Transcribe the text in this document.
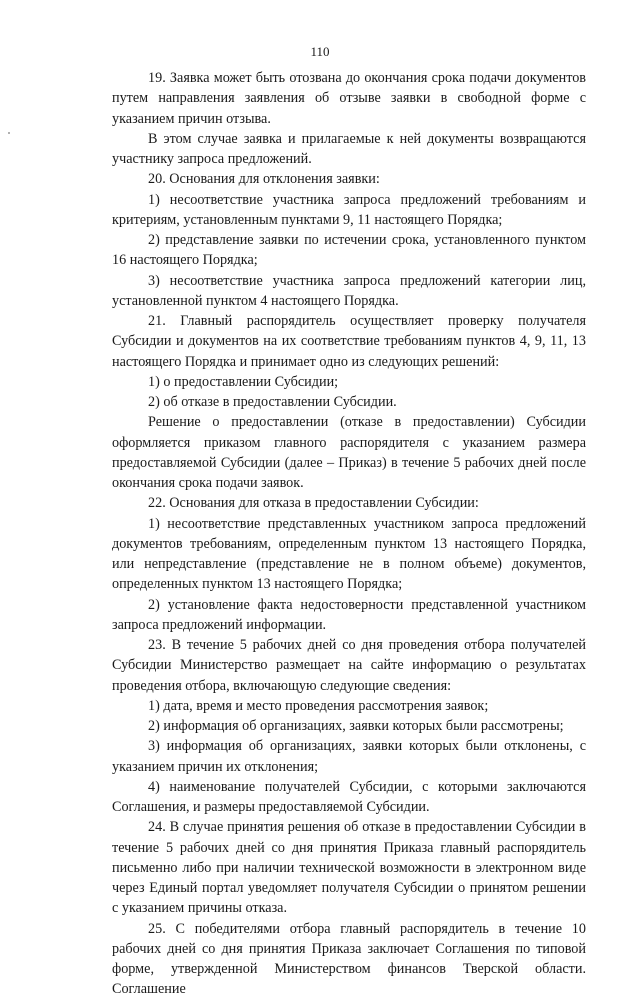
110

19. Заявка может быть отозвана до окончания срока подачи документов путем направления заявления об отзыве заявки в свободной форме с указанием причин отзыва.

В этом случае заявка и прилагаемые к ней документы возвращаются участнику запроса предложений.

20. Основания для отклонения заявки:

1) несоответствие участника запроса предложений требованиям и критериям, установленным пунктами 9, 11 настоящего Порядка;

2) представление заявки по истечении срока, установленного пунктом 16 настоящего Порядка;

3) несоответствие участника запроса предложений категории лиц, установленной пунктом 4 настоящего Порядка.

21. Главный распорядитель осуществляет проверку получателя Субсидии и документов на их соответствие требованиям пунктов 4, 9, 11, 13 настоящего Порядка и принимает одно из следующих решений:

1) о предоставлении Субсидии;

2) об отказе в предоставлении Субсидии.

Решение о предоставлении (отказе в предоставлении) Субсидии оформляется приказом главного распорядителя с указанием размера предоставляемой Субсидии (далее – Приказ) в течение 5 рабочих дней после окончания срока подачи заявок.

22. Основания для отказа в предоставлении Субсидии:

1) несоответствие представленных участником запроса предложений документов требованиям, определенным пунктом 13 настоящего Порядка, или непредставление (представление не в полном объеме) документов, определенных пунктом 13 настоящего Порядка;

2) установление факта недостоверности представленной участником запроса предложений информации.

23. В течение 5 рабочих дней со дня проведения отбора получателей Субсидии Министерство размещает на сайте информацию о результатах проведения отбора, включающую следующие сведения:

1) дата, время и место проведения рассмотрения заявок;

2) информация об организациях, заявки которых были рассмотрены;

3) информация об организациях, заявки которых были отклонены, с указанием причин их отклонения;

4) наименование получателей Субсидии, с которыми заключаются Соглашения, и размеры предоставляемой Субсидии.

24. В случае принятия решения об отказе в предоставлении Субсидии в течение 5 рабочих дней со дня принятия Приказа главный распорядитель письменно либо при наличии технической возможности в электронном виде через Единый портал уведомляет получателя Субсидии о принятом решении с указанием причины отказа.

25. С победителями отбора главный распорядитель в течение 10 рабочих дней со дня принятия Приказа заключает Соглашения по типовой форме, утвержденной Министерством финансов Тверской области. Соглашение
